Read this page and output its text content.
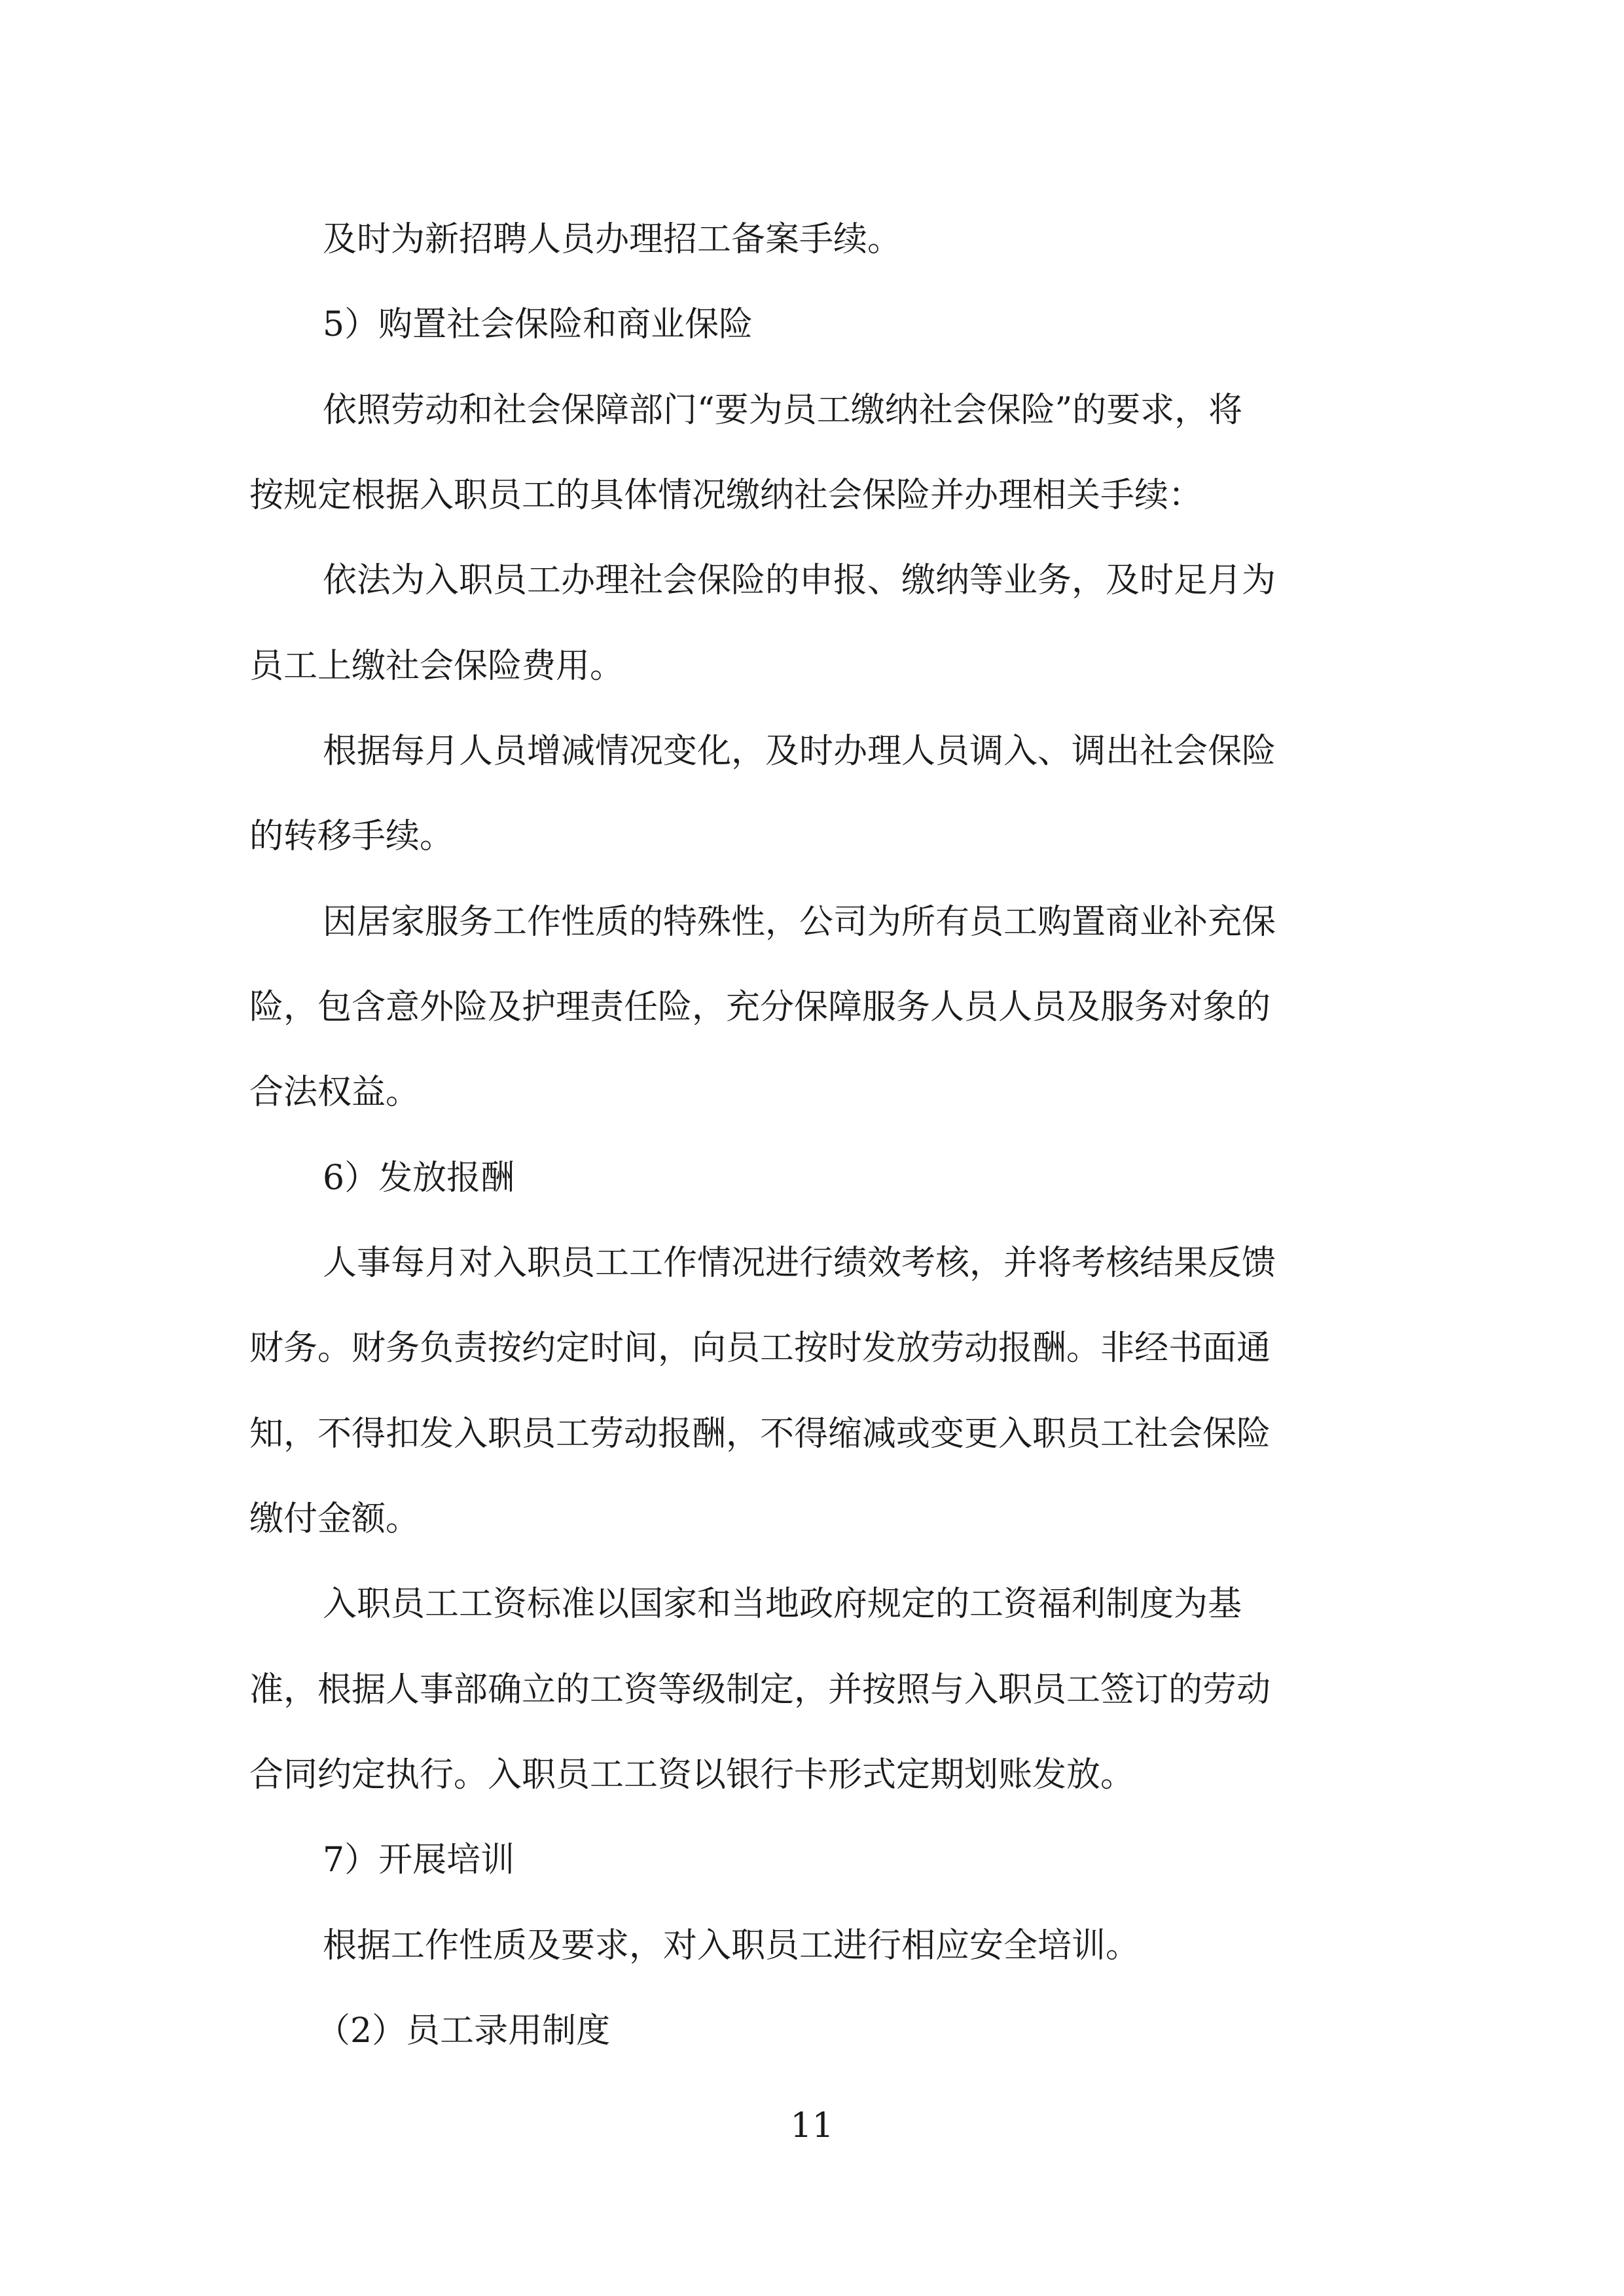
及时为新招聘人员办理招工备案手续。
5）购置社会保险和商业保险
依照劳动和社会保障部门“要为员工缴纳社会保险”的要求，将
按规定根据入职员工的具体情况缴纳社会保险并办理相关手续：
依法为入职员工办理社会保险的申报、缴纳等业务，及时足月为
员工上缴社会保险费用。
根据每月人员增减情况变化，及时办理人员调入、调出社会保险
的转移手续。
因居家服务工作性质的特殊性，公司为所有员工购置商业补充保
险，包含意外险及护理责任险，充分保障服务人员人员及服务对象的
合法权益。
6）发放报酬
人事每月对入职员工工作情况进行绩效考核，并将考核结果反馈
财务。财务负责按约定时间，向员工按时发放劳动报酬。非经书面通
知，不得扣发入职员工劳动报酬，不得缩减或变更入职员工社会保险
缴付金额。
入职员工工资标准以国家和当地政府规定的工资福利制度为基
准，根据人事部确立的工资等级制定，并按照与入职员工签订的劳动
合同约定执行。入职员工工资以银行卡形式定期划账发放。
7）开展培训
根据工作性质及要求，对入职员工进行相应安全培训。
（2）员工录用制度
11
